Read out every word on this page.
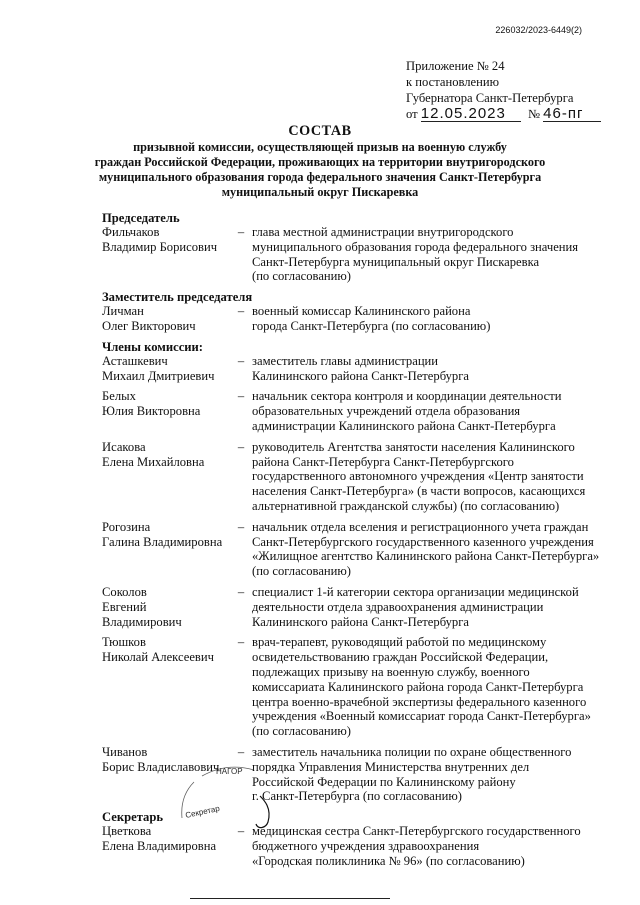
226032/2023-6449(2)
Приложение № 24
к постановлению
Губернатора Санкт-Петербурга
от 12.05.2023 № 46-пг
СОСТАВ
призывной комиссии, осуществляющей призыв на военную службу
граждан Российской Федерации, проживающих на территории внутригородского
муниципального образования города федерального значения Санкт-Петербурга
муниципальный округ Пискаревка
Председатель
Фильчаков
Владимир Борисович
– глава местной администрации внутригородского
муниципального образования города федерального значения
Санкт-Петербурга муниципальный округ Пискаревка
(по согласованию)
Заместитель председателя
Личман
Олег Викторович
– военный комиссар Калининского района
города Санкт-Петербурга (по согласованию)
Члены комиссии:
Асташкевич
Михаил Дмитриевич
– заместитель главы администрации
Калининского района Санкт-Петербурга
Белых
Юлия Викторовна
– начальник сектора контроля и координации деятельности
образовательных учреждений отдела образования
администрации Калининского района Санкт-Петербурга
Исакова
Елена Михайловна
– руководитель Агентства занятости населения Калининского
района Санкт-Петербурга Санкт-Петербургского
государственного автономного учреждения «Центр занятости
населения Санкт-Петербурга» (в части вопросов, касающихся
альтернативной гражданской службы) (по согласованию)
Рогозина
Галина Владимировна
– начальник отдела вселения и регистрационного учета граждан
Санкт-Петербургского государственного казенного учреждения
«Жилищное агентство Калининского района Санкт-Петербурга»
(по согласованию)
Соколов
Евгений
Владимирович
– специалист 1-й категории сектора организации медицинской
деятельности отдела здравоохранения администрации
Калининского района Санкт-Петербурга
Тюшков
Николай Алексеевич
– врач-терапевт, руководящий работой по медицинскому
освидетельствованию граждан Российской Федерации,
подлежащих призыву на военную службу, военного
комиссариата Калининского района города Санкт-Петербурга
центра военно-врачебной экспертизы федерального казенного
учреждения «Военный комиссариат города Санкт-Петербурга»
(по согласованию)
Чиванов
Борис Владиславович
– заместитель начальника полиции по охране общественного
порядка Управления Министерства внутренних дел
Российской Федерации по Калининскому району
г. Санкт-Петербурга (по согласованию)
Секретарь
Цветкова
Елена Владимировна
– медицинская сестра Санкт-Петербургского государственного
бюджетного учреждения здравоохранения
«Городская поликлиника № 96» (по согласованию)
НАГОР
Секретар
